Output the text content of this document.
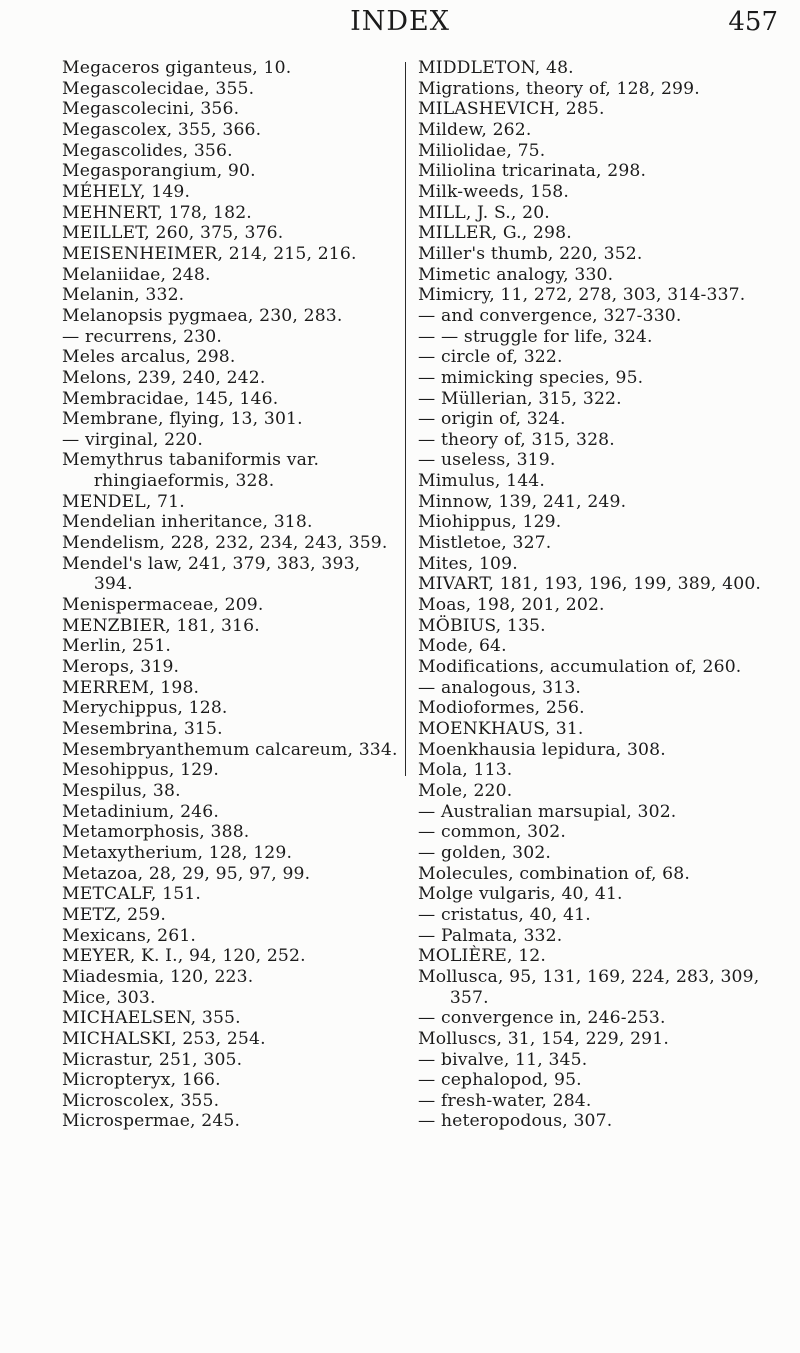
INDEX	457
Megaceros giganteus, 10.
Megascolecidae, 355.
Megascolecini, 356.
Megascolex, 355, 366.
Megascolides, 356.
Megasporangium, 90.
MÉHELY, 149.
MEHNERT, 178, 182.
MEILLET, 260, 375, 376.
MEISENHEIMER, 214, 215, 216.
Melaniidae, 248.
Melanin, 332.
Melanopsis pygmaea, 230, 283.
— recurrens, 230.
Meles arcalus, 298.
Melons, 239, 240, 242.
Membracidae, 145, 146.
Membrane, flying, 13, 301.
— virginal, 220.
Memythrus tabaniformis var. rhingiaeformis, 328.
MENDEL, 71.
Mendelian inheritance, 318.
Mendelism, 228, 232, 234, 243, 359.
Mendel's law, 241, 379, 383, 393, 394.
Menispermaceae, 209.
MENZBIER, 181, 316.
Merlin, 251.
Merops, 319.
MERREM, 198.
Merychippus, 128.
Mesembrina, 315.
Mesembryanthemum calcareum, 334.
Mesohippus, 129.
Mespilus, 38.
Metadinium, 246.
Metamorphosis, 388.
Metaxytherium, 128, 129.
Metazoa, 28, 29, 95, 97, 99.
METCALF, 151.
METZ, 259.
Mexicans, 261.
MEYER, K. I., 94, 120, 252.
Miadesmia, 120, 223.
Mice, 303.
MICHAELSEN, 355.
MICHALSKI, 253, 254.
Micrastur, 251, 305.
Micropteryx, 166.
Microscolex, 355.
Microspermae, 245.
MIDDLETON, 48.
Migrations, theory of, 128, 299.
MILASHEVICH, 285.
Mildew, 262.
Miliolidae, 75.
Miliolina tricarinata, 298.
Milk-weeds, 158.
MILL, J. S., 20.
MILLER, G., 298.
Miller's thumb, 220, 352.
Mimetic analogy, 330.
Mimicry, 11, 272, 278, 303, 314-337.
— and convergence, 327-330.
— — struggle for life, 324.
— circle of, 322.
— mimicking species, 95.
— Müllerian, 315, 322.
— origin of, 324.
— theory of, 315, 328.
— useless, 319.
Mimulus, 144.
Minnow, 139, 241, 249.
Miohippus, 129.
Mistletoe, 327.
Mites, 109.
MIVART, 181, 193, 196, 199, 389, 400.
Moas, 198, 201, 202.
MÖBIUS, 135.
Mode, 64.
Modifications, accumulation of, 260.
— analogous, 313.
Modioformes, 256.
MOENKHAUS, 31.
Moenkhausia lepidura, 308.
Mola, 113.
Mole, 220.
— Australian marsupial, 302.
— common, 302.
— golden, 302.
Molecules, combination of, 68.
Molge vulgaris, 40, 41.
— cristatus, 40, 41.
— Palmata, 332.
MOLIÈRE, 12.
Mollusca, 95, 131, 169, 224, 283, 309, 357.
— convergence in, 246-253.
Molluscs, 31, 154, 229, 291.
— bivalve, 11, 345.
— cephalopod, 95.
— fresh-water, 284.
— heteropodous, 307.
